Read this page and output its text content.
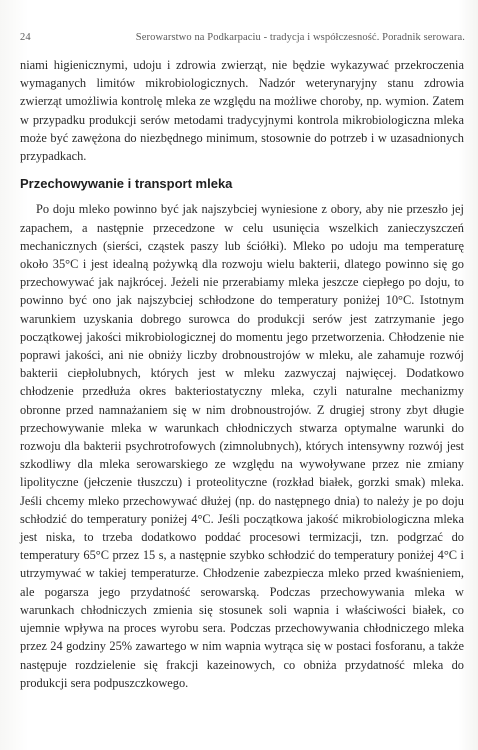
24	Serowarstwo na Podkarpaciu - tradycja i współczesność. Poradnik serowara.

niami higienicznymi, udoju i zdrowia zwierząt, nie będzie wykazywać przekroczenia wymaganych limitów mikrobiologicznych. Nadzór weterynaryjny stanu zdrowia zwierząt umożliwia kontrolę mleka ze względu na możliwe choroby, np. wymion. Zatem w przypadku produkcji serów metodami tradycyjnymi kontrola mikrobiologiczna mleka może być zawężona do niezbędnego minimum, stosownie do potrzeb i w uzasadnionych przypadkach.

Przechowywanie i transport mleka

Po doju mleko powinno być jak najszybciej wyniesione z obory, aby nie przeszło jej zapachem, a następnie przecedzone w celu usunięcia wszelkich zanieczyszczeń mechanicznych (sierści, cząstek paszy lub ściółki). Mleko po udoju ma temperaturę około 35°C i jest idealną pożywką dla rozwoju wielu bakterii, dlatego powinno się go przechowywać jak najkrócej. Jeżeli nie przerabiamy mleka jeszcze ciepłego po doju, to powinno być ono jak najszybciej schłodzone do temperatury poniżej 10°C. Istotnym warunkiem uzyskania dobrego surowca do produkcji serów jest zatrzymanie jego początkowej jakości mikrobiologicznej do momentu jego przetworzenia. Chłodzenie nie poprawi jakości, ani nie obniży liczby drobnoustrojów w mleku, ale zahamuje rozwój bakterii ciepłolubnych, których jest w mleku zazwyczaj najwięcej. Dodatkowo chłodzenie przedłuża okres bakteriostatyczny mleka, czyli naturalne mechanizmy obronne przed namnażaniem się w nim drobnoustrojów. Z drugiej strony zbyt długie przechowywanie mleka w warunkach chłodniczych stwarza optymalne warunki do rozwoju dla bakterii psychrotrofowych (zimnolubnych), których intensywny rozwój jest szkodliwy dla mleka serowarskiego ze względu na wywoływane przez nie zmiany lipolityczne (jełczenie tłuszczu) i proteolityczne (rozkład białek, gorzki smak) mleka. Jeśli chcemy mleko przechowywać dłużej (np. do następnego dnia) to należy je po doju schłodzić do temperatury poniżej 4°C. Jeśli początkowa jakość mikrobiologiczna mleka jest niska, to trzeba dodatkowo poddać procesowi termizacji, tzn. podgrzać do temperatury 65°C przez 15 s, a następnie szybko schłodzić do temperatury poniżej 4°C i utrzymywać w takiej temperaturze. Chłodzenie zabezpiecza mleko przed kwaśnieniem, ale pogarsza jego przydatność serowarską. Podczas przechowywania mleka w warunkach chłodniczych zmienia się stosunek soli wapnia i właściwości białek, co ujemnie wpływa na proces wyrobu sera. Podczas przechowywania chłodniczego mleka przez 24 godziny 25% zawartego w nim wapnia wytrąca się w postaci fosforanu, a także następuje rozdzielenie się frakcji kazeinowych, co obniża przydatność mleka do produkcji sera podpuszczkowego.
